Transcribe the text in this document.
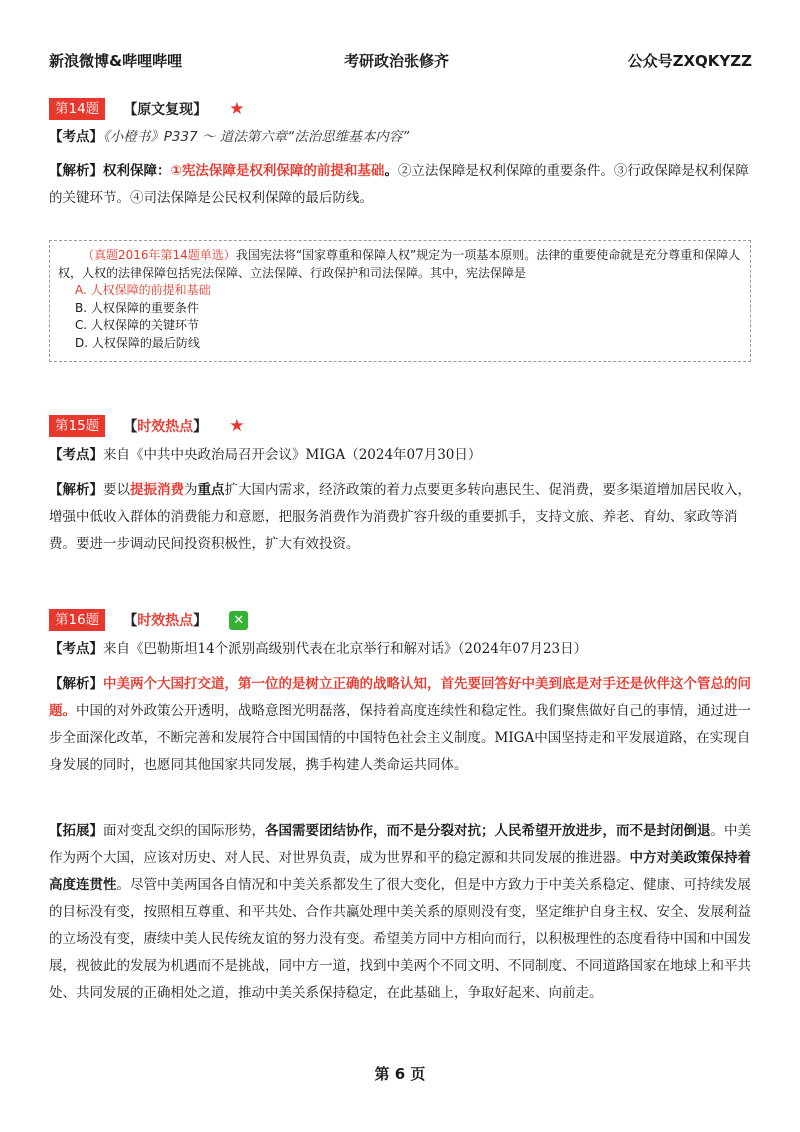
新浪微博&哔哩哔哩	考研政治张修齐	公众号ZXQKYZZ
第14题	【原文复现】 ★
【考点】《小橙书》P337 ～ 道法第六章“法治思维基本内容”
【解析】权利保障：①宪法保障是权利保障的前提和基础。②立法保障是权利保障的重要条件。③行政保障是权利保障的关键环节。④司法保障是公民权利保障的最后防线。
（真题2016年第14题单选）我国宪法将“国家尊重和保障人权”规定为一项基本原则。法律的重要使命就是充分尊重和保障人权，人权的法律保障包括宪法保障、立法保障、行政保护和司法保障。其中，宪法保障是
A. 人权保障的前提和基础
B. 人权保障的重要条件
C. 人权保障的关键环节
D. 人权保障的最后防线
第15题	【时效热点】 ★
【考点】来自《中共中央政治局召开会议》MIGA（2024年07月30日）
【解析】要以提振消费为重点扩大国内需求，经济政策的着力点要更多转向惠民生、促消费，要多渠道增加居民收入，增强中低收入群体的消费能力和意愿，把服务消费作为消费扩容升级的重要抓手，支持文旅、养老、育幼、家政等消费。要进一步调动民间投资积极性，扩大有效投资。
第16题	【时效热点】 ✕
【考点】来自《巴勒斯坦14个派别高级别代表在北京举行和解对话》（2024年07月23日）
【解析】中美两个大国打交道，第一位的是树立正确的战略认知，首先要回答好中美到底是对手还是伙伴这个管总的问题。中国的对外政策公开透明，战略意图光明磊落，保持着高度连续性和稳定性。我们聚焦做好自己的事情，通过进一步全面深化改革，不断完善和发展符合中国国情的中国特色社会主义制度。MIGA中国坚持走和平发展道路，在实现自身发展的同时，也愿同其他国家共同发展，携手构建人类命运共同体。
【拓展】面对变乱交织的国际形势，各国需要团结协作，而不是分裂对抗；人民希望开放进步，而不是封闭倒退。中美作为两个大国，应该对历史、对人民、对世界负责，成为世界和平的稳定源和共同发展的推进器。中方对美政策保持着高度连贯性。尽管中美两国各自情况和中美关系都发生了很大变化，但是中方致力于中美关系稳定、健康、可持续发展的目标没有变，按照相互尊重、和平共处、合作共赢处理中美关系的原则没有变，坚定维护自身主权、安全、发展利益的立场没有变，赓续中美人民传统友谊的努力没有变。希望美方同中方相向而行，以积极理性的态度看待中国和中国发展，视彼此的发展为机遇而不是挑战，同中方一道，找到中美两个不同文明、不同制度、不同道路国家在地球上和平共处、共同发展的正确相处之道，推动中美关系保持稳定，在此基础上，争取好起来、向前走。
第 6 页
